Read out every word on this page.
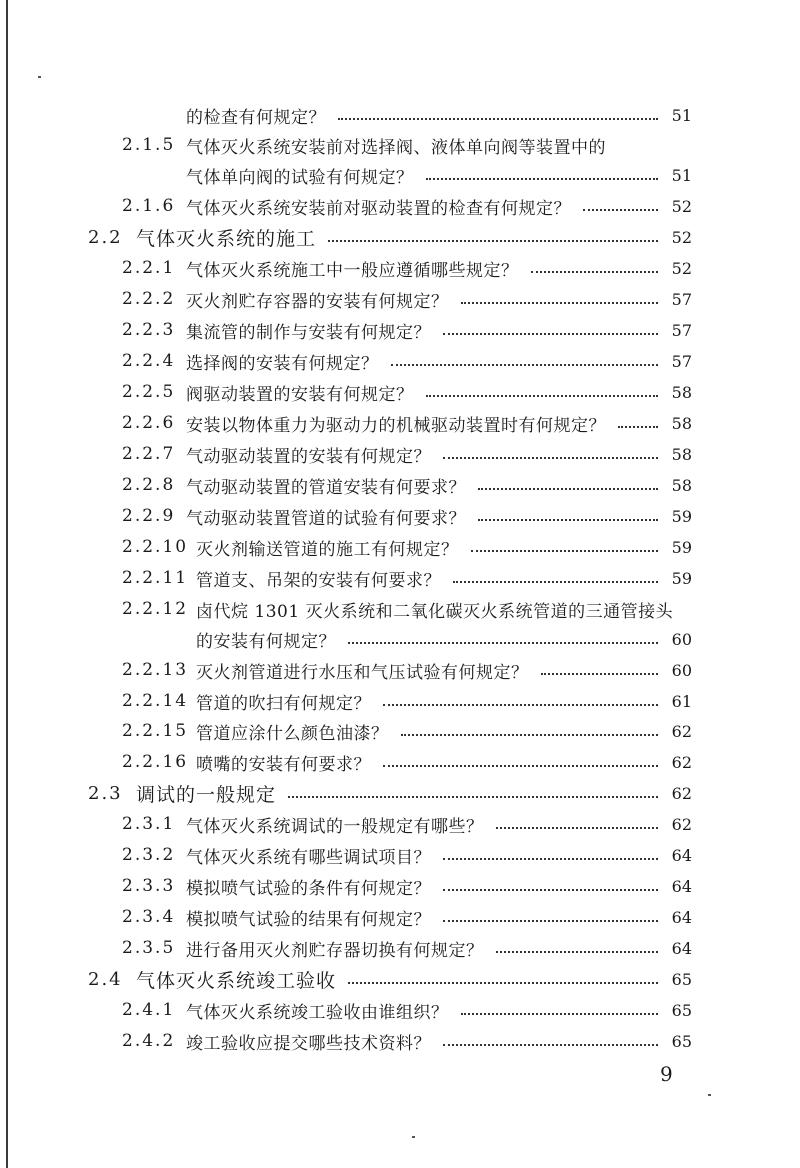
的检查有何规定？	51
2.1.5 气体灭火系统安装前对选择阀、液体单向阀等装置中的
气体单向阀的试验有何规定？	51
2.1.6 气体灭火系统安装前对驱动装置的检查有何规定？	52
2.2 气体灭火系统的施工	52
2.2.1 气体灭火系统施工中一般应遵循哪些规定？	52
2.2.2 灭火剂贮存容器的安装有何规定？	57
2.2.3 集流管的制作与安装有何规定？	57
2.2.4 选择阀的安装有何规定？	57
2.2.5 阀驱动装置的安装有何规定？	58
2.2.6 安装以物体重力为驱动力的机械驱动装置时有何规定？	58
2.2.7 气动驱动装置的安装有何规定？	58
2.2.8 气动驱动装置的管道安装有何要求？	58
2.2.9 气动驱动装置管道的试验有何要求？	59
2.2.10 灭火剂输送管道的施工有何规定？	59
2.2.11 管道支、吊架的安装有何要求？	59
2.2.12 卤代烷 1301 灭火系统和二氧化碳灭火系统管道的三通管接头
的安装有何规定？	60
2.2.13 灭火剂管道进行水压和气压试验有何规定？	60
2.2.14 管道的吹扫有何规定？	61
2.2.15 管道应涂什么颜色油漆？	62
2.2.16 喷嘴的安装有何要求？	62
2.3 调试的一般规定	62
2.3.1 气体灭火系统调试的一般规定有哪些？	62
2.3.2 气体灭火系统有哪些调试项目？	64
2.3.3 模拟喷气试验的条件有何规定？	64
2.3.4 模拟喷气试验的结果有何规定？	64
2.3.5 进行备用灭火剂贮存器切换有何规定？	64
2.4 气体灭火系统竣工验收	65
2.4.1 气体灭火系统竣工验收由谁组织？	65
2.4.2 竣工验收应提交哪些技术资料？	65
9
